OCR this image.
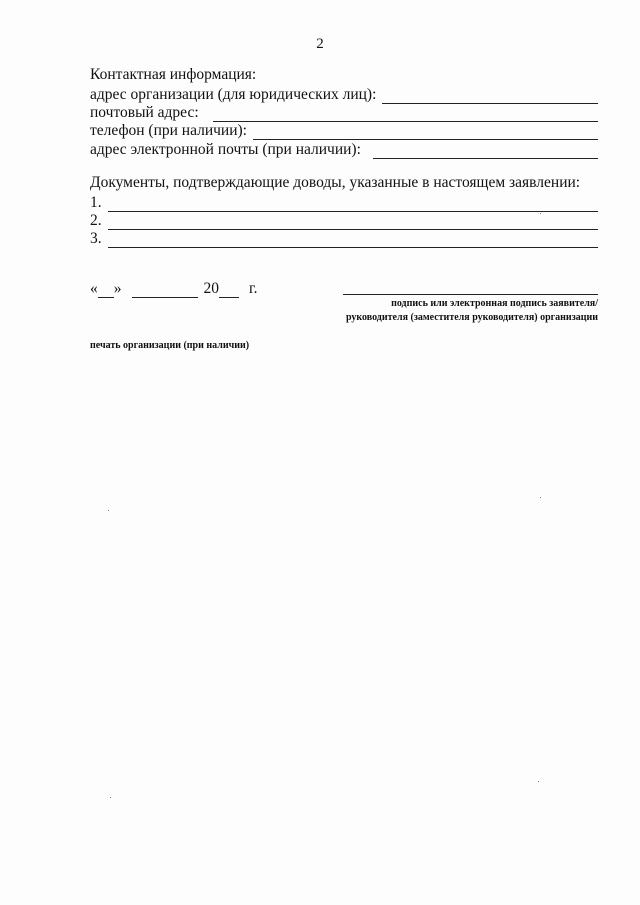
2
Контактная информация:
адрес организации (для юридических лиц):
почтовый адрес:
телефон (при наличии):
адрес электронной почты (при наличии):
Документы, подтверждающие доводы, указанные в настоящем заявлении:
1.
2.
3.
« »	20 г.
подпись или электронная подпись заявителя/
руководителя (заместителя руководителя) организации
печать организации (при наличии)
